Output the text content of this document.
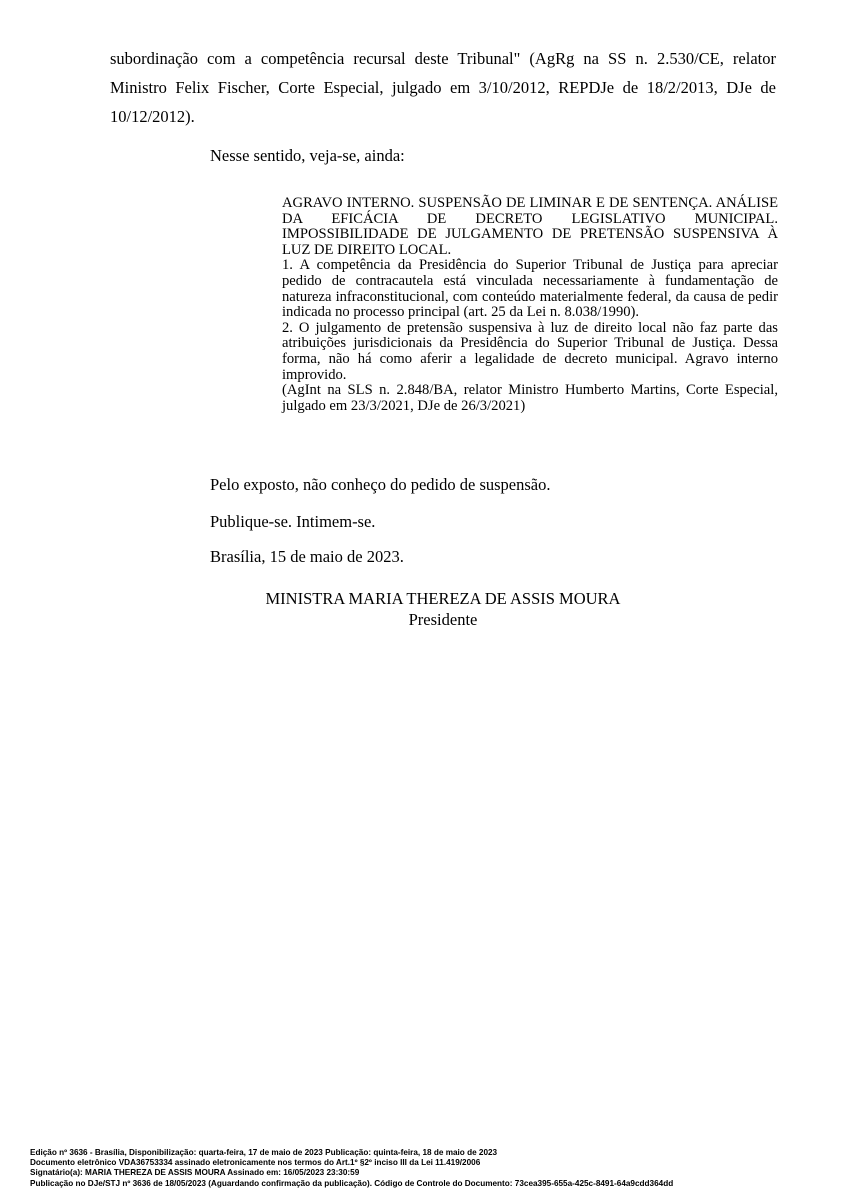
subordinação com a competência recursal deste Tribunal" (AgRg na SS n. 2.530/CE, relator Ministro Felix Fischer, Corte Especial, julgado em 3/10/2012, REPDJe de 18/2/2013, DJe de 10/12/2012).

Nesse sentido, veja-se, ainda:

AGRAVO INTERNO. SUSPENSÃO DE LIMINAR E DE SENTENÇA. ANÁLISE DA EFICÁCIA DE DECRETO LEGISLATIVO MUNICIPAL. IMPOSSIBILIDADE DE JULGAMENTO DE PRETENSÃO SUSPENSIVA À LUZ DE DIREITO LOCAL.

1. A competência da Presidência do Superior Tribunal de Justiça para apreciar pedido de contracautela está vinculada necessariamente à fundamentação de natureza infraconstitucional, com conteúdo materialmente federal, da causa de pedir indicada no processo principal (art. 25 da Lei n. 8.038/1990).

2. O julgamento de pretensão suspensiva à luz de direito local não faz parte das atribuições jurisdicionais da Presidência do Superior Tribunal de Justiça. Dessa forma, não há como aferir a legalidade de decreto municipal. Agravo interno improvido.

(AgInt na SLS n. 2.848/BA, relator Ministro Humberto Martins, Corte Especial, julgado em 23/3/2021, DJe de 26/3/2021)

Pelo exposto, não conheço do pedido de suspensão.

Publique-se. Intimem-se.

Brasília, 15 de maio de 2023.

MINISTRA MARIA THEREZA DE ASSIS MOURA
Presidente
Edição nº 3636 - Brasília, Disponibilização: quarta-feira, 17 de maio de 2023 Publicação: quinta-feira, 18 de maio de 2023
Documento eletrônico VDA36753334 assinado eletronicamente nos termos do Art.1º §2º inciso III da Lei 11.419/2006
Signatário(a): MARIA THEREZA DE ASSIS MOURA Assinado em: 16/05/2023 23:30:59
Publicação no DJe/STJ nº 3636 de 18/05/2023 (Aguardando confirmação da publicação). Código de Controle do Documento: 73cea395-655a-425c-8491-64a9cdd364dd
